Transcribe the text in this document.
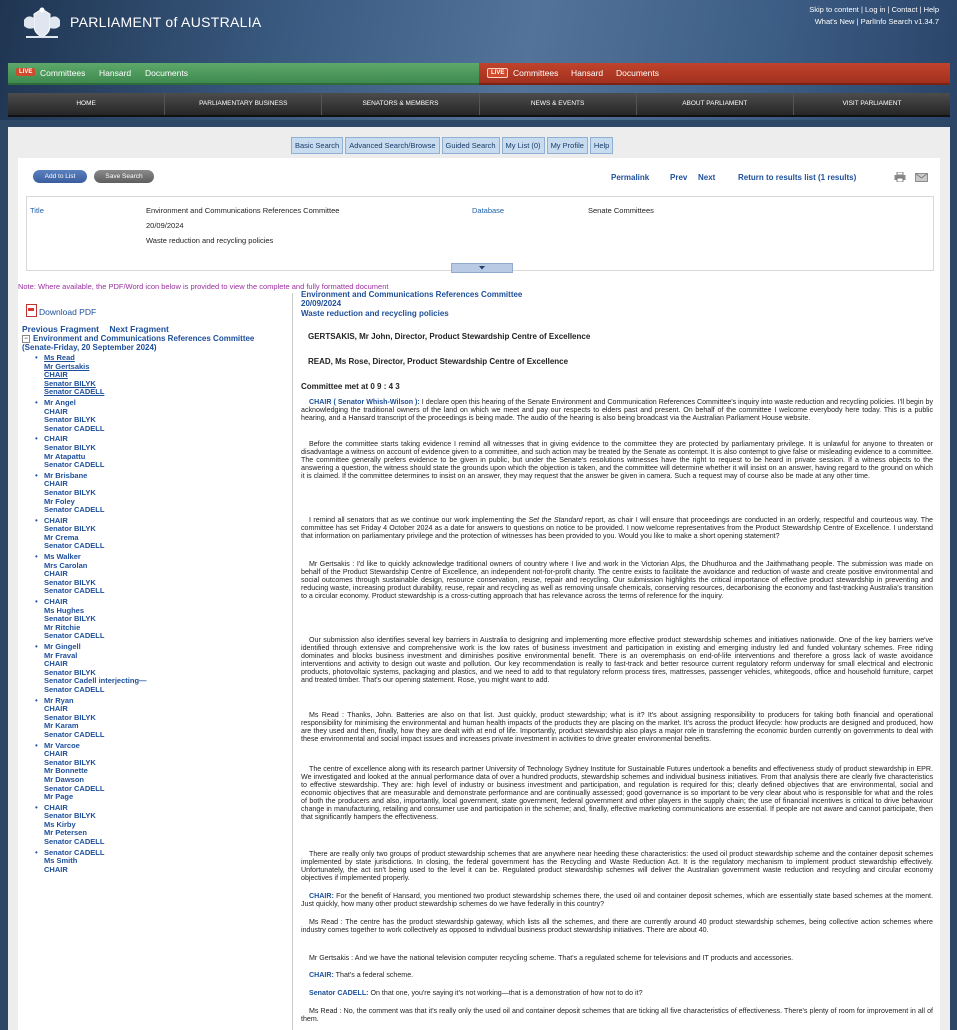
PARLIAMENT of AUSTRALIA
Skip to content | Log in | Contact | Help
What's New | ParlInfo Search v1.34.7
LIVE Committees Hansard Documents	LIVE	Committees Hansard Documents
HOME	PARLIAMENTARY BUSINESS	SENATORS & MEMBERS	NEWS & EVENTS	ABOUT PARLIAMENT	VISIT PARLIAMENT
Basic Search	Advanced Search/Browse	Guided Search	My List (0)	My Profile	Help
Add to List	Save Search	Permalink	Prev Next	Return to results list (1 results)
Title	Environment and Communications References Committee
20/09/2024
Waste reduction and recycling policies
Database	Senate Committees
Note: Where available, the PDF/Word icon below is provided to view the complete and fully formatted document
Download PDF
Previous Fragment Next Fragment
− Environment and Communications References Committee (Senate-Friday, 20 September 2024)
• Ms Read
Mr Gertsakis
CHAIR
Senator BILYK
Senator CADELL
• Mr Angel
CHAIR
Senator BILYK
Senator CADELL
• CHAIR
Senator BILYK
Mr Atapattu
Senator CADELL
• Mr Brisbane
CHAIR
Senator BILYK
Mr Foley
Senator CADELL
• CHAIR
Senator BILYK
Mr Crema
Senator CADELL
• Ms Walker
Mrs Carolan
CHAIR
Senator BILYK
Senator CADELL
• CHAIR
Ms Hughes
Senator BILYK
Mr Ritchie
Senator CADELL
• Mr Gingell
Mr Fraval
CHAIR
Senator BILYK
Senator Cadell interjecting—
Senator CADELL
• Mr Ryan
CHAIR
Senator BILYK
Mr Karam
Senator CADELL
• Mr Varcoe
CHAIR
Senator BILYK
Mr Bonnette
Mr Dawson
Senator CADELL
Mr Page
• CHAIR
Senator BILYK
Ms Kirby
Mr Petersen
Senator CADELL
• Senator CADELL
Ms Smith
CHAIR
Environment and Communications References Committee
20/09/2024
Waste reduction and recycling policies
GERTSAKIS, Mr John, Director, Product Stewardship Centre of Excellence
READ, Ms Rose, Director, Product Stewardship Centre of Excellence
Committee met at 0 9 : 4 3
CHAIR ( Senator Whish-Wilson ): I declare open this hearing of the Senate Environment and Communication References Committee's inquiry into waste reduction and recycling policies. I'll begin by acknowledging the traditional owners of the land on which we meet and pay our respects to elders past and present. On behalf of the committee I welcome everybody here today. This is a public hearing, and a Hansard transcript of the proceedings is being made. The audio of the hearing is also being broadcast via the Australian Parliament House website.
Before the committee starts taking evidence I remind all witnesses that in giving evidence to the committee they are protected by parliamentary privilege. It is unlawful for anyone to threaten or disadvantage a witness on account of evidence given to a committee, and such action may be treated by the Senate as contempt. It is also contempt to give false or misleading evidence to a committee. The committee generally prefers evidence to be given in public, but under the Senate's resolutions witnesses have the right to request to be heard in private session. If a witness objects to the answering a question, the witness should state the grounds upon which the objection is taken, and the committee will determine whether it will insist on an answer, having regard to the ground on which it is claimed. If the committee determines to insist on an answer, they may request that the answer be given in camera. Such a request may of course also be made at any other time.
I remind all senators that as we continue our work implementing the Set the Standard report, as chair I will ensure that proceedings are conducted in an orderly, respectful and courteous way. The committee has set Friday 4 October 2024 as a date for answers to questions on notice to be provided. I now welcome representatives from the Product Stewardship Centre of Excellence. I understand that information on parliamentary privilege and the protection of witnesses has been provided to you. Would you like to make a short opening statement?
Mr Gertsakis : I'd like to quickly acknowledge traditional owners of country where I live and work in the Victorian Alps, the Dhudhuroa and the Jaithmathang people. The submission was made on behalf of the Product Stewardship Centre of Excellence, an independent not-for-profit charity. The centre exists to facilitate the avoidance and reduction of waste and create positive environmental and social outcomes through sustainable design, resource conservation, reuse, repair and recycling. Our submission highlights the critical importance of effective product stewardship in preventing and reducing waste, increasing product durability, reuse, repair and recycling as well as removing unsafe chemicals, conserving resources, decarbonising the economy and fast-tracking Australia's transition to a circular economy. Product stewardship is a cross-cutting approach that has relevance across the terms of reference for the inquiry.
Our submission also identifies several key barriers in Australia to designing and implementing more effective product stewardship schemes and initiatives nationwide. One of the key barriers we've identified through extensive and comprehensive work is the low rates of business investment and participation in existing and emerging industry led and funded voluntary schemes. Free riding dominates and blocks business investment and diminishes positive environmental benefit. There is an overemphasis on end-of-life interventions and therefore a gross lack of waste avoidance interventions and activity to design out waste and pollution. Our key recommendation is really to fast-track and better resource current regulatory reform underway for small electrical and electronic products, photovoltaic systems, packaging and plastics, and we need to add to that regulatory reform process tires, mattresses, passenger vehicles, whitegoods, office and household furniture, carpet and treated timber. That's our opening statement. Rose, you might want to add.
Ms Read : Thanks, John. Batteries are also on that list. Just quickly, product stewardship; what is it? It's about assigning responsibility to producers for taking both financial and operational responsibility for minimising the environmental and human health impacts of the products they are placing on the market. It's across the product lifecycle: how products are designed and produced, how are they used and then, finally, how they are dealt with at end of life. Importantly, product stewardship also plays a major role in transferring the economic burden currently on governments to deal with these environmental and social impact issues and increases private investment in activities to drive greater environmental benefits.
The centre of excellence along with its research partner University of Technology Sydney Institute for Sustainable Futures undertook a benefits and effectiveness study of product stewardship in EPR. We investigated and looked at the annual performance data of over a hundred products, stewardship schemes and individual business initiatives. From that analysis there are clearly five characteristics to effective stewardship. They are: high level of industry or business investment and participation, and regulation is required for this; clearly defined objectives that are environmental, social and economic objectives that are measurable and demonstrate performance and are continually assessed; good governance is so important to be very clear about who is responsible for what and the roles of both the producers and also, importantly, local government, state government, federal government and other players in the supply chain; the use of financial incentives is critical to drive behaviour change in manufacturing, retailing and consumer use and participation in the scheme; and, finally, effective marketing communications are essential. If people are not aware and cannot participate, then that significantly hampers the effectiveness.
There are really only two groups of product stewardship schemes that are anywhere near heeding these characteristics: the used oil product stewardship scheme and the container deposit schemes implemented by state jurisdictions. In closing, the federal government has the Recycling and Waste Reduction Act. It is the regulatory mechanism to implement product stewardship effectively. Unfortunately, the act isn't being used to the level it can be. Regulated product stewardship schemes will deliver the Australian government waste reduction and recycling and circular economy objectives if implemented properly.
CHAIR: For the benefit of Hansard, you mentioned two product stewardship schemes there, the used oil and container deposit schemes, which are essentially state based schemes at the moment. Just quickly, how many other product stewardship schemes do we have federally in this country?
Ms Read : The centre has the product stewardship gateway, which lists all the schemes, and there are currently around 40 product stewardship schemes, being collective action schemes where industry comes together to work collectively as opposed to individual business product stewardship initiatives. There are about 40.
Mr Gertsakis : And we have the national television computer recycling scheme. That's a regulated scheme for televisions and IT products and accessories.
CHAIR: That's a federal scheme.
Senator CADELL: On that one, you're saying it's not working—that is a demonstration of how not to do it?
Ms Read : No, the comment was that it's really only the used oil and container deposit schemes that are ticking all five characteristics of effectiveness. There's plenty of room for improvement in all of them.
